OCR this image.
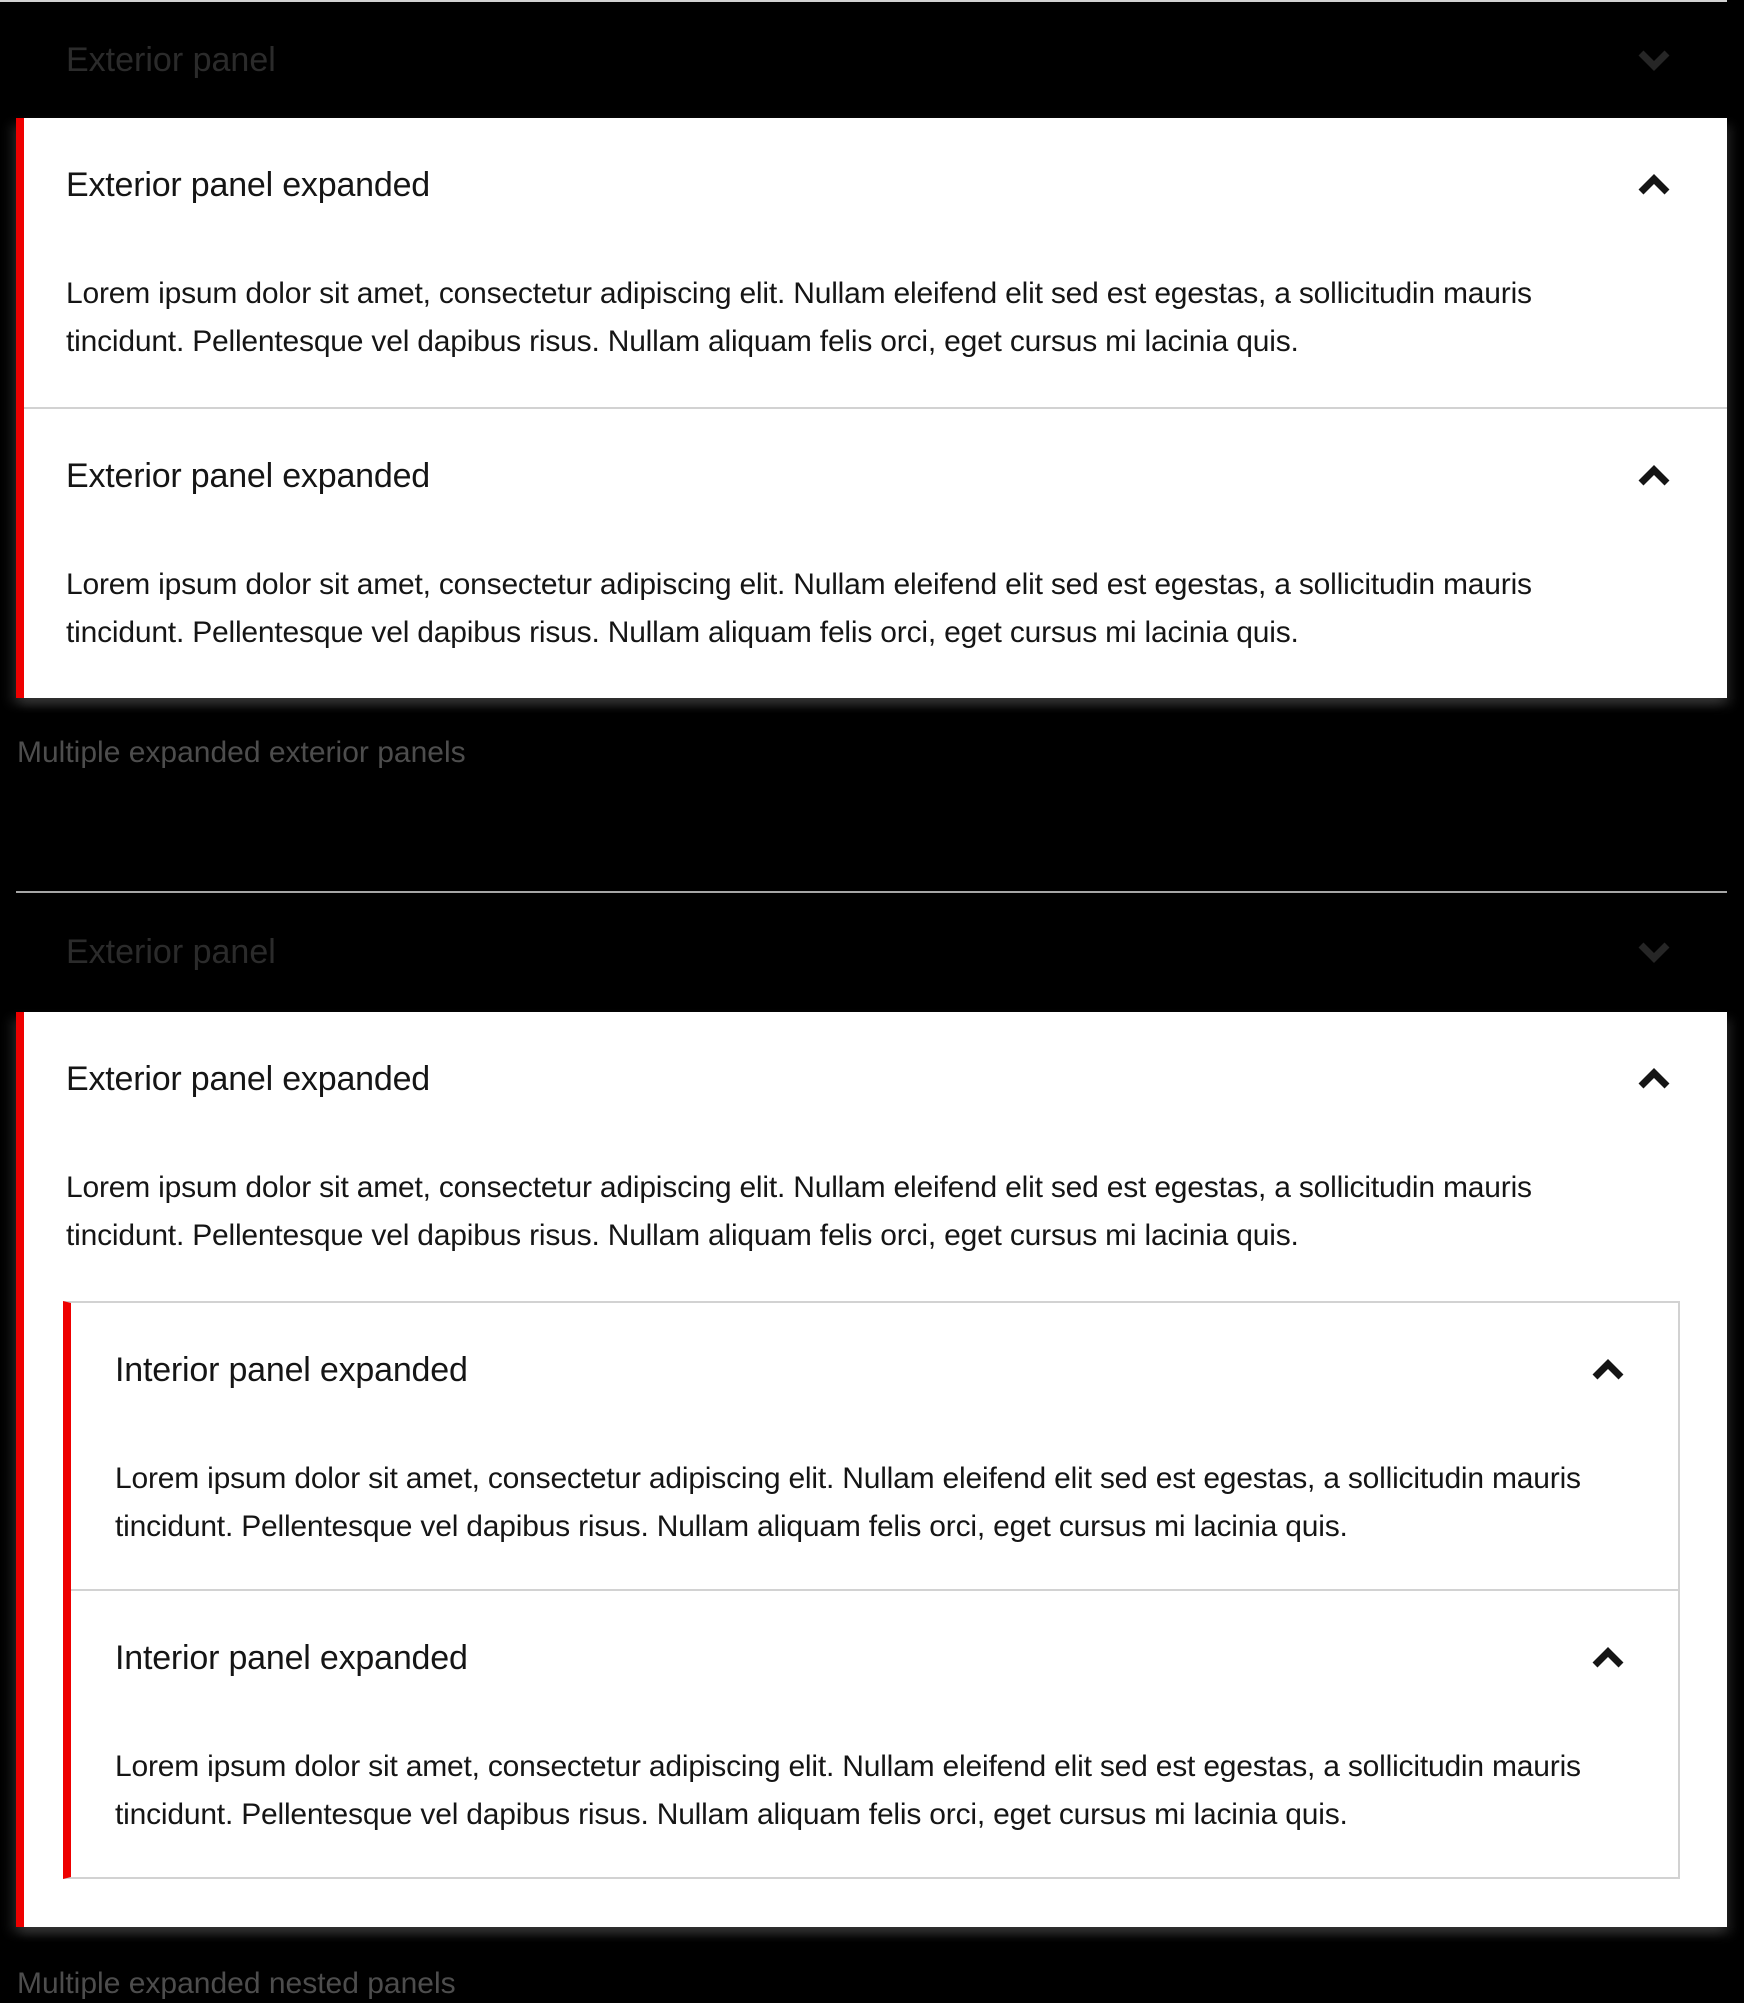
Exterior panel
Exterior panel expanded

Lorem ipsum dolor sit amet, consectetur adipiscing elit. Nullam eleifend elit sed est egestas, a sollicitudin mauris tincidunt. Pellentesque vel dapibus risus. Nullam aliquam felis orci, eget cursus mi lacinia quis.

Exterior panel expanded

Lorem ipsum dolor sit amet, consectetur adipiscing elit. Nullam eleifend elit sed est egestas, a sollicitudin mauris tincidunt. Pellentesque vel dapibus risus. Nullam aliquam felis orci, eget cursus mi lacinia quis.

Multiple expanded exterior panels
Exterior panel
Exterior panel expanded

Lorem ipsum dolor sit amet, consectetur adipiscing elit. Nullam eleifend elit sed est egestas, a sollicitudin mauris tincidunt. Pellentesque vel dapibus risus. Nullam aliquam felis orci, eget cursus mi lacinia quis.

Interior panel expanded

Lorem ipsum dolor sit amet, consectetur adipiscing elit. Nullam eleifend elit sed est egestas, a sollicitudin mauris tincidunt. Pellentesque vel dapibus risus. Nullam aliquam felis orci, eget cursus mi lacinia quis.

Interior panel expanded

Lorem ipsum dolor sit amet, consectetur adipiscing elit. Nullam eleifend elit sed est egestas, a sollicitudin mauris tincidunt. Pellentesque vel dapibus risus. Nullam aliquam felis orci, eget cursus mi lacinia quis.

Multiple expanded nested panels
